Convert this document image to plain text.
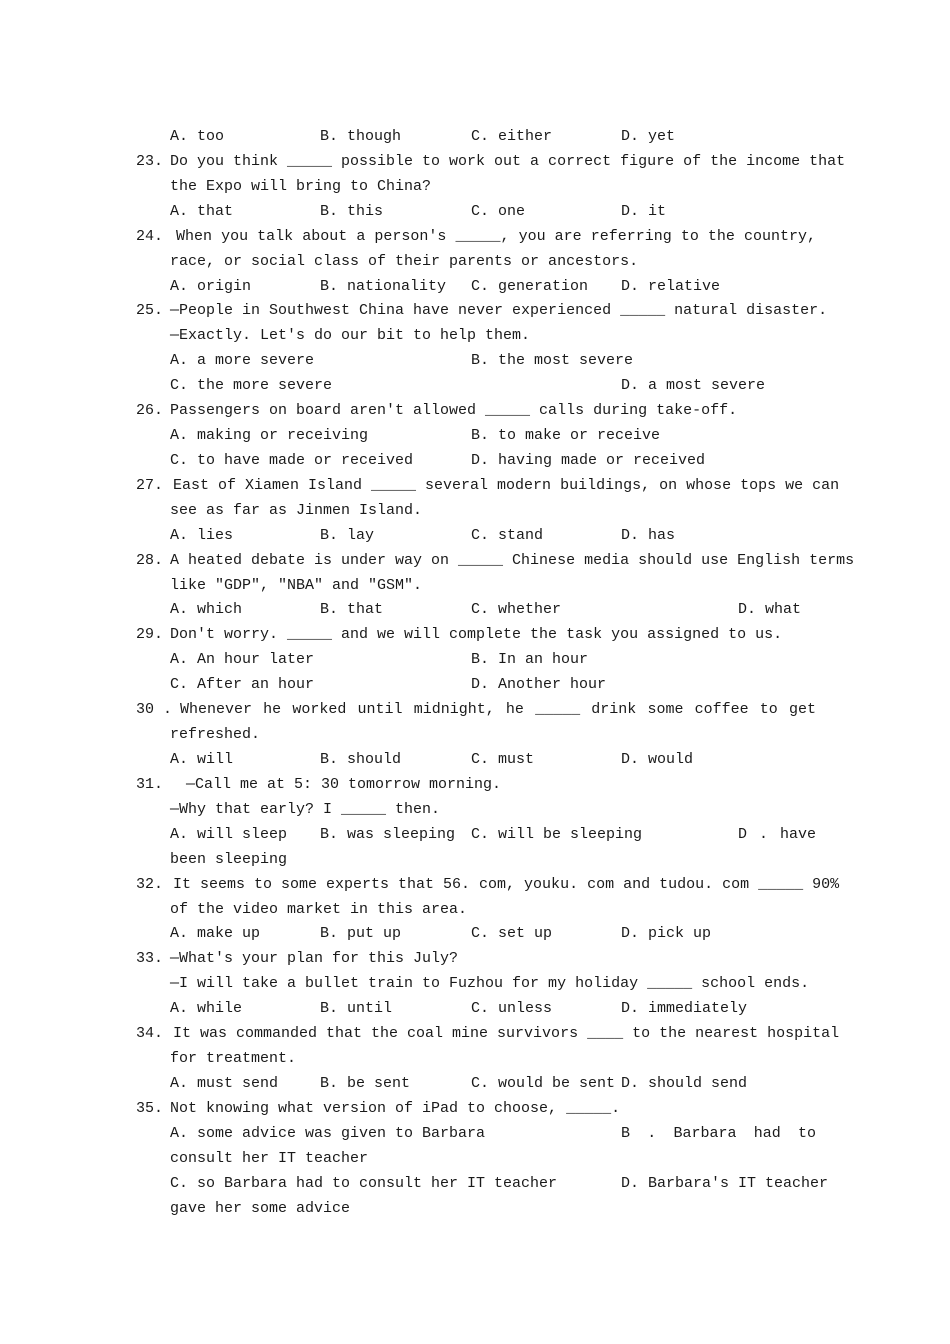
A. too	B. though	C. either	D. yet
23. Do you think _____ possible to work out a correct figure of the income that
the Expo will bring to China?
A. that	B. this	C. one	D. it
24. When you talk about a person's _____, you are referring to the country,
race, or social class of their parents or ancestors.
A. origin	B. nationality C. generation D. relative
25. —People in Southwest China have never experienced _____ natural disaster.
—Exactly. Let's do our bit to help them.
A. a more severe	B. the most severe
C. the more severe	D. a most severe
26. Passengers on board aren't allowed _____ calls during take-off.
A. making or receiving	B. to make or receive
C. to have made or received	D. having made or received
27. East of Xiamen Island _____ several modern buildings, on whose tops we can
see as far as Jinmen Island.
A. lies	B. lay	C. stand	D. has
28. A heated debate is under way on _____ Chinese media should use English terms
like "GDP", "NBA" and "GSM".
A. which	B. that	C. whether	D. what
29. Don't worry. _____ and we will complete the task you assigned to us.
A. An hour later	B. In an hour
C. After an hour	D. Another hour
30 . Whenever he worked until midnight, he _____ drink some coffee to get
refreshed.
A. will	B. should	C. must	D. would
31. —Call me at 5: 30 tomorrow morning.
—Why that early? I _____ then.
A. will sleep B. was sleeping C. will be sleeping	D . have
been sleeping
32. It seems to some experts that 56. com, youku. com and tudou. com _____ 90%
of the video market in this area.
A. make up	B. put up	C. set up	D. pick up
33. —What's your plan for this July?
—I will take a bullet train to Fuzhou for my holiday _____ school ends.
A. while	B. until	C. unless	D. immediately
34. It was commanded that the coal mine survivors ____ to the nearest hospital
for treatment.
A. must send	B. be sent	C. would be sent D. should send
35. Not knowing what version of iPad to choose, _____.
A. some advice was given to Barbara	B . Barbara had to
consult her IT teacher
C. so Barbara had to consult her IT teacher	D. Barbara's IT teacher
gave her some advice
